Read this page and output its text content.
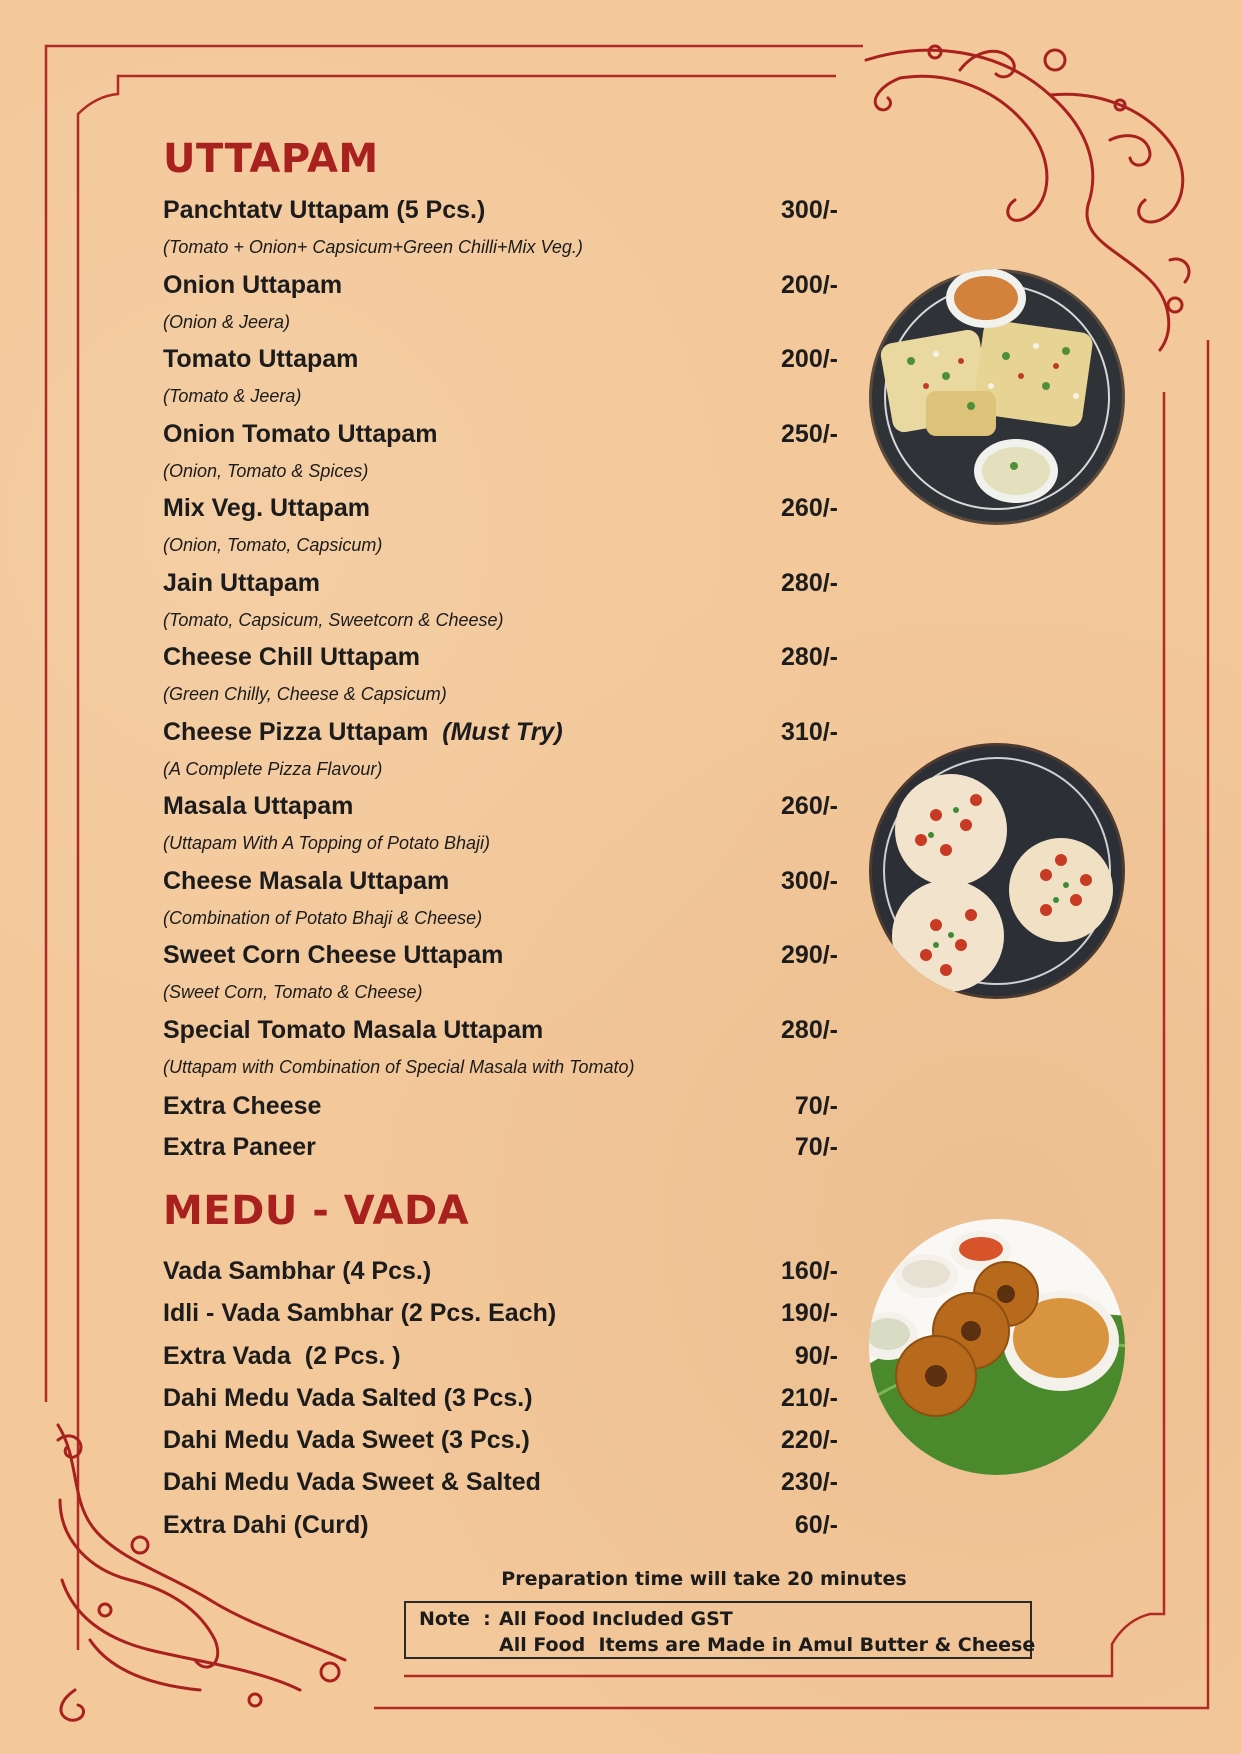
UTTAPAM
Panchtatv Uttapam (5 Pcs.)	300/-
(Tomato + Onion+ Capsicum+Green Chilli+Mix Veg.)
Onion Uttapam	200/-
(Onion & Jeera)
Tomato Uttapam	200/-
(Tomato & Jeera)
Onion Tomato Uttapam	250/-
(Onion, Tomato & Spices)
Mix Veg. Uttapam	260/-
(Onion, Tomato, Capsicum)
Jain Uttapam	280/-
(Tomato, Capsicum, Sweetcorn & Cheese)
Cheese Chill Uttapam	280/-
(Green Chilly, Cheese & Capsicum)
Cheese Pizza Uttapam (Must Try)	310/-
(A Complete Pizza Flavour)
Masala Uttapam	260/-
(Uttapam With A Topping of Potato Bhaji)
Cheese Masala Uttapam	300/-
(Combination of Potato Bhaji & Cheese)
Sweet Corn Cheese Uttapam	290/-
(Sweet Corn, Tomato & Cheese)
Special Tomato Masala Uttapam	280/-
(Uttapam with Combination of Special Masala with Tomato)
Extra Cheese	70/-
Extra Paneer	70/-
MEDU - VADA
Vada Sambhar (4 Pcs.)	160/-
Idli - Vada Sambhar (2 Pcs. Each)	190/-
Extra Vada  (2 Pcs. )	90/-
Dahi Medu Vada Salted (3 Pcs.)	210/-
Dahi Medu Vada Sweet (3 Pcs.)	220/-
Dahi Medu Vada Sweet & Salted	230/-
Extra Dahi (Curd)	60/-
Preparation time will take 20 minutes
Note  : All Food Included GST
All Food  Items are Made in Amul Butter & Cheese
